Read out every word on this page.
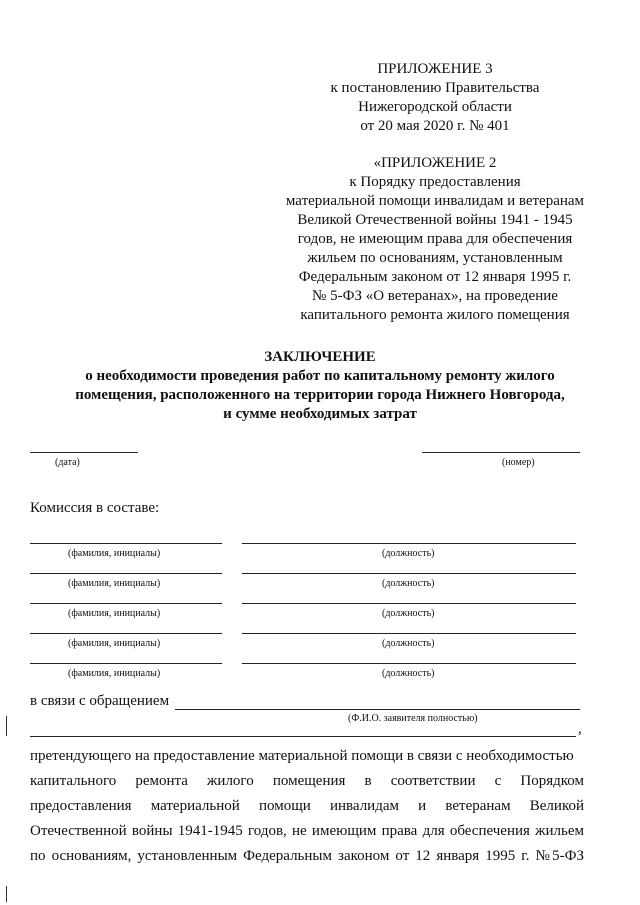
ПРИЛОЖЕНИЕ 3
к постановлению Правительства
Нижегородской области
от 20 мая 2020 г. № 401
«ПРИЛОЖЕНИЕ 2
к Порядку предоставления
материальной помощи инвалидам и ветеранам
Великой Отечественной войны 1941 - 1945
годов, не имеющим права для обеспечения
жильем по основаниям, установленным
Федеральным законом от 12 января 1995 г.
№ 5-ФЗ «О ветеранах», на проведение
капитального ремонта жилого помещения
ЗАКЛЮЧЕНИЕ
о необходимости проведения работ по капитальному ремонту жилого
помещения, расположенного на территории города Нижнего Новгорода,
и сумме необходимых затрат
(дата)	(номер)
Комиссия в составе:
(фамилия, инициалы)	(должность)
(фамилия, инициалы)	(должность)
(фамилия, инициалы)	(должность)
(фамилия, инициалы)	(должность)
(фамилия, инициалы)	(должность)
в связи с обращением
(Ф.И.О. заявителя полностью)
,
претендующего на предоставление материальной помощи в связи с необходимостью
капитального ремонта жилого помещения в соответствии с Порядком
предоставления материальной помощи инвалидам и ветеранам Великой
Отечественной войны 1941-1945 годов, не имеющим права для обеспечения жильем
по основаниям, установленным Федеральным законом от 12 января 1995 г. №5-ФЗ
